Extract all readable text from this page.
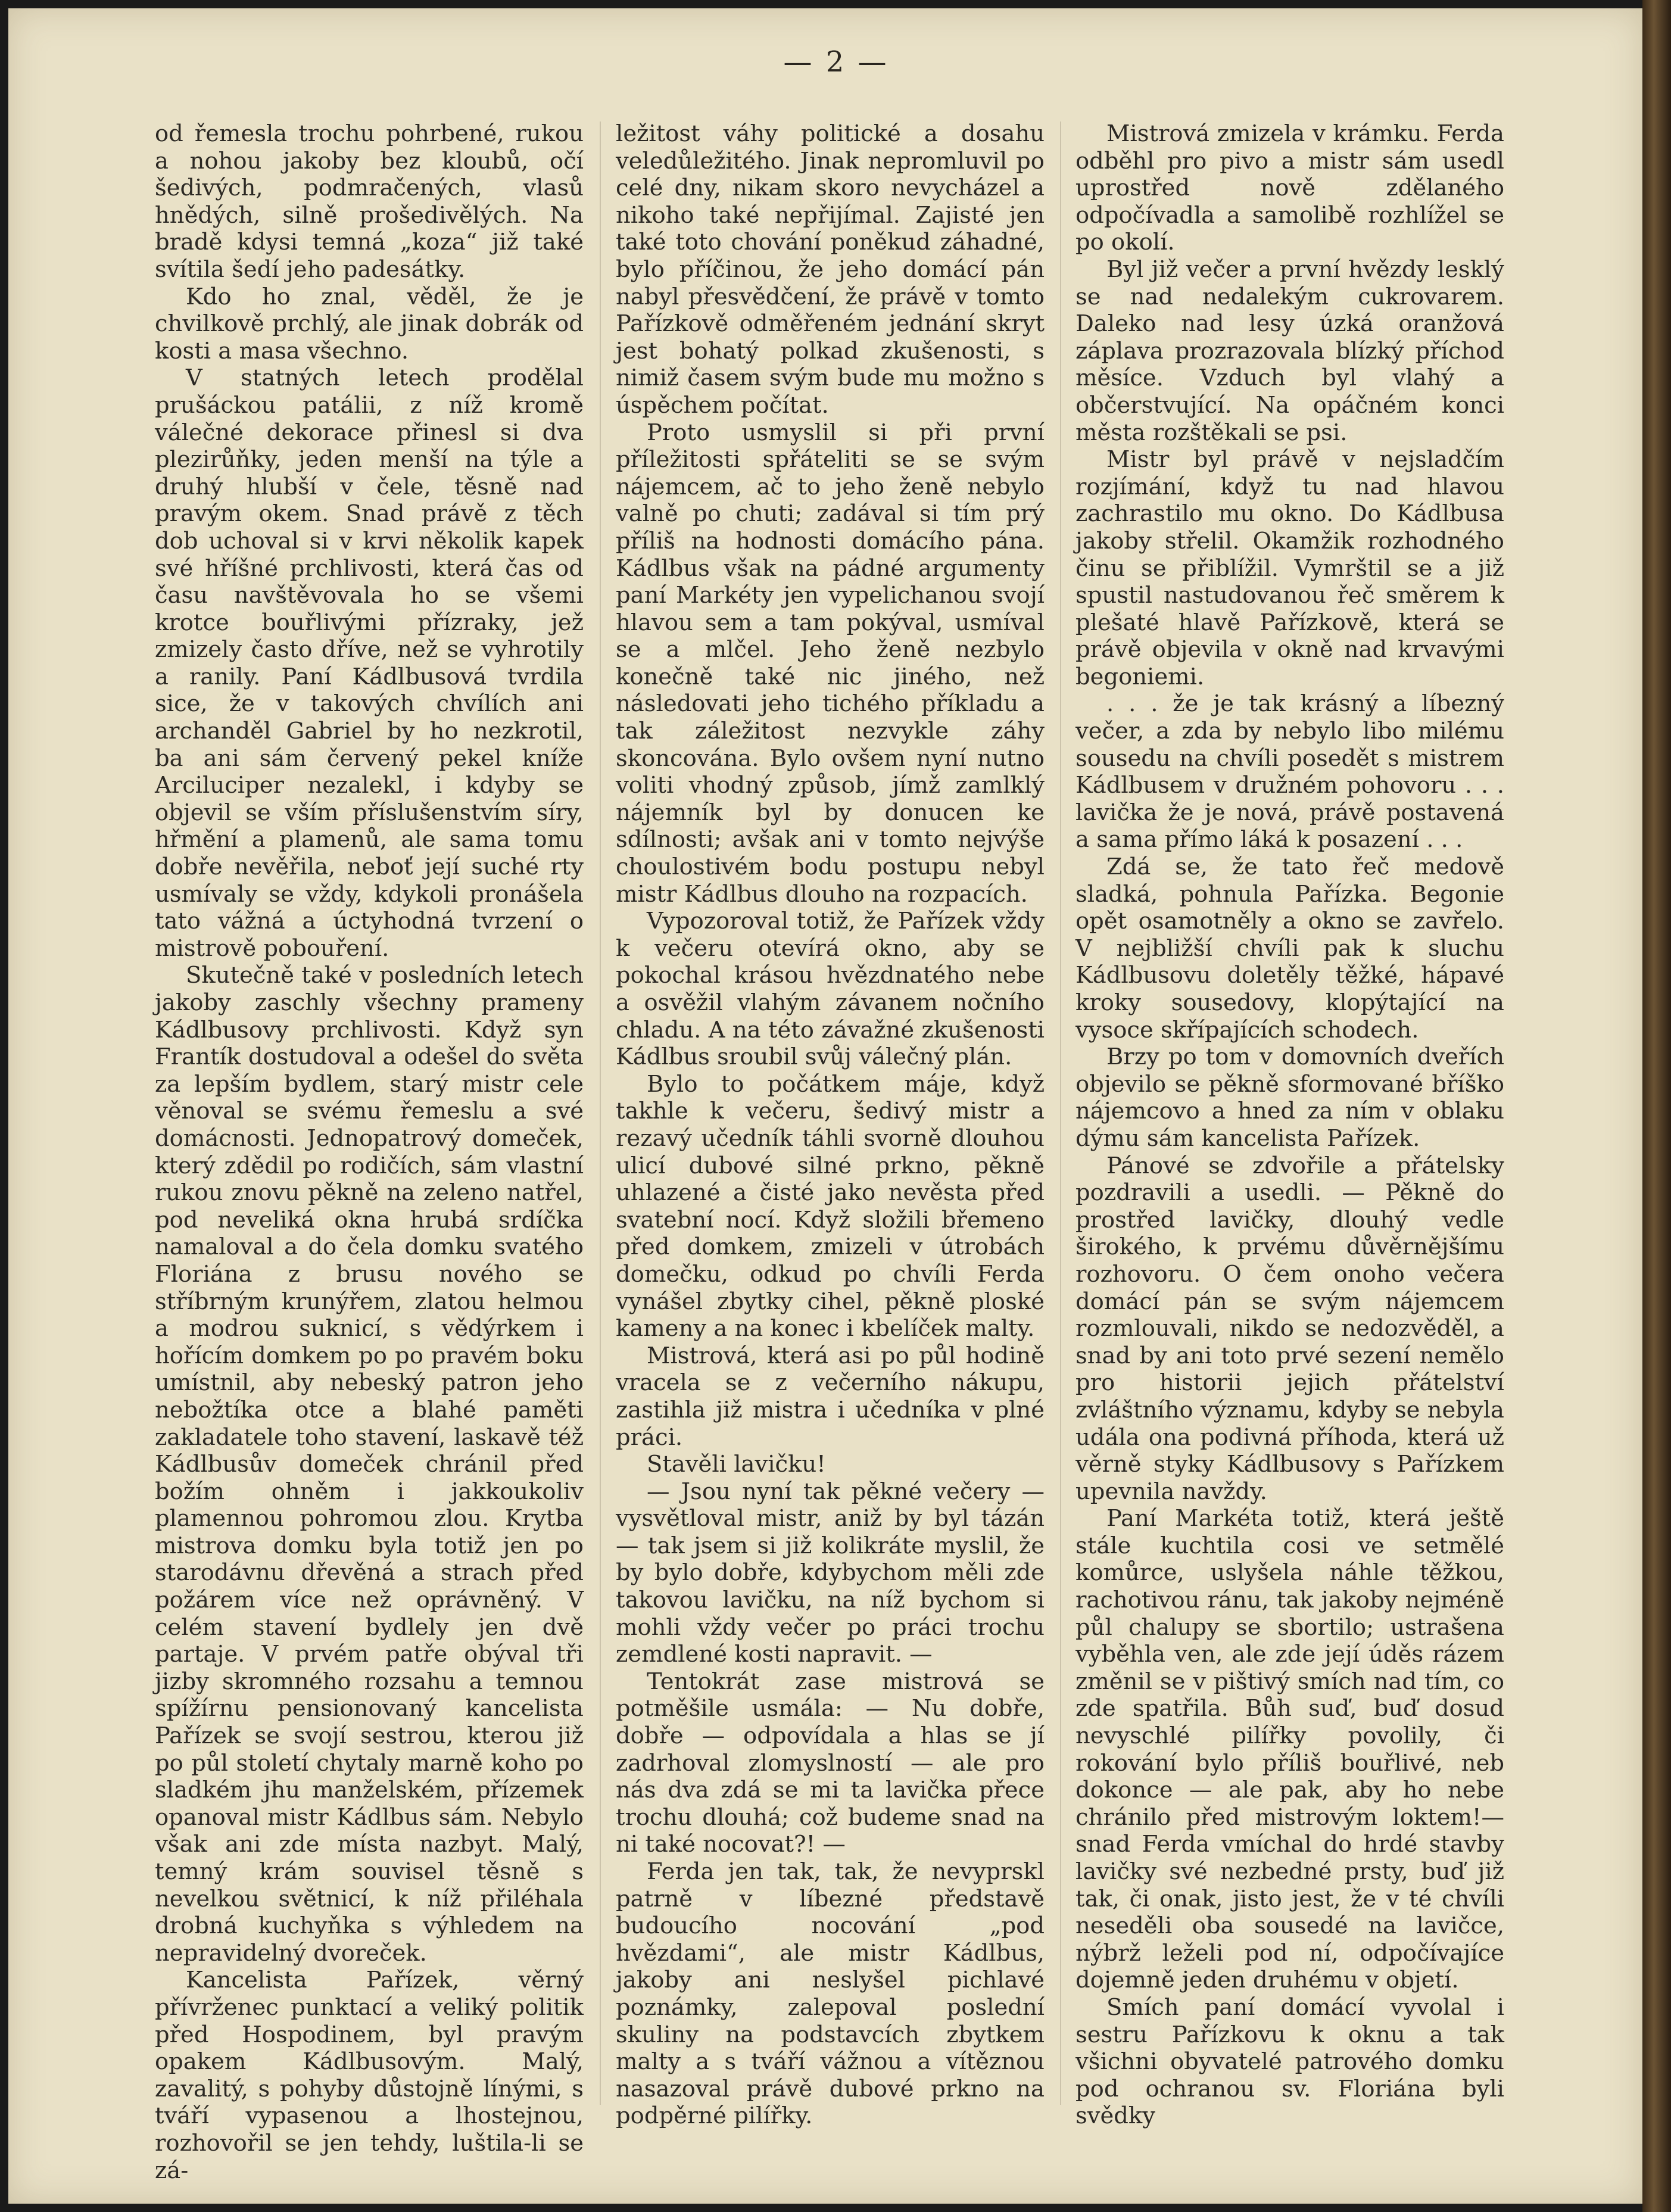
— 2 —

od řemesla trochu pohrbené, rukou a nohou jakoby bez kloubů, očí šedivých, podmračených, vlasů hnědých, silně prošedivělých. Na bradě kdysi temná „koza“ již také svítila šedí jeho padesátky.

Kdo ho znal, věděl, že je chvilkově prchlý, ale jinak dobrák od kosti a masa všechno.

V statných letech prodělal prušáckou patálii, z níž kromě válečné dekorace přinesl si dva plezirůňky, jeden menší na týle a druhý hlubší v čele, těsně nad pravým okem. Snad právě z těch dob uchoval si v krvi několik kapek své hříšné prchlivosti, která čas od času navštěvovala ho se všemi krotce bouřlivými přízraky, jež zmizely často dříve, než se vyhrotily a ranily. Paní Kádlbusová tvrdila sice, že v takových chvílích ani archanděl Gabriel by ho nezkrotil, ba ani sám červený pekel kníže Arciluciper nezalekl, i kdyby se objevil se vším příslušenstvím síry, hřmění a plamenů, ale sama tomu dobře nevěřila, neboť její suché rty usmívaly se vždy, kdykoli pronášela tato vážná a úctyhodná tvrzení o mistrově pobouření.

Skutečně také v posledních letech jakoby zaschly všechny prameny Kádlbusovy prchlivosti. Když syn Frantík dostudoval a odešel do světa za lepším bydlem, starý mistr cele věnoval se svému řemeslu a své domácnosti. Jednopatrový domeček, který zdědil po rodičích, sám vlastní rukou znovu pěkně na zeleno natřel, pod neveliká okna hrubá srdíčka namaloval a do čela domku svatého Floriána z brusu nového se stříbrným krunýřem, zlatou helmou a modrou suknicí, s vědýrkem i hořícím domkem po po pravém boku umístnil, aby nebeský patron jeho nebožtíka otce a blahé paměti zakladatele toho stavení, laskavě též Kádlbusův domeček chránil před božím ohněm i jakkoukoliv plamennou pohromou zlou. Krytba mistrova domku byla totiž jen po starodávnu dřevěná a strach před požárem více než oprávněný. V celém stavení bydlely jen dvě partaje. V prvém patře obýval tři jizby skromného rozsahu a temnou spížírnu pensionovaný kancelista Pařízek se svojí sestrou, kterou již po půl století chytaly marně koho po sladkém jhu manželském, přízemek opanoval mistr Kádlbus sám. Nebylo však ani zde místa nazbyt. Malý, temný krám souvisel těsně s nevelkou světnicí, k níž přiléhala drobná kuchyňka s výhledem na nepravidelný dvoreček.

Kancelista Pařízek, věrný přívrženec punktací a veliký politik před Hospodinem, byl pravým opakem Kádlbusovým. Malý, zavalitý, s pohyby důstojně línými, s tváří vypasenou a lhostejnou, rozhovořil se jen tehdy, luštila-li se zá-

ležitost váhy politické a dosahu veledůležitého. Jinak nepromluvil po celé dny, nikam skoro nevycházel a nikoho také nepřijímal. Zajisté jen také toto chování poněkud záhadné, bylo příčinou, že jeho domácí pán nabyl přesvědčení, že právě v tomto Pařízkově odměřeném jednání skryt jest bohatý polkad zkušenosti, s nimiž časem svým bude mu možno s úspěchem počítat.

Proto usmyslil si při první příležitosti spřáteliti se se svým nájemcem, ač to jeho ženě nebylo valně po chuti; zadával si tím prý příliš na hodnosti domácího pána. Kádlbus však na pádné argumenty paní Markéty jen vypelichanou svojí hlavou sem a tam pokýval, usmíval se a mlčel. Jeho ženě nezbylo konečně také nic jiného, než následovati jeho tichého příkladu a tak záležitost nezvykle záhy skoncována. Bylo ovšem nyní nutno voliti vhodný způsob, jímž zamlklý nájemník byl by donucen ke sdílnosti; avšak ani v tomto nejvýše choulostivém bodu postupu nebyl mistr Kádlbus dlouho na rozpacích.

Vypozoroval totiž, že Pařízek vždy k večeru otevírá okno, aby se pokochal krásou hvězdnatého nebe a osvěžil vlahým závanem nočního chladu. A na této závažné zkušenosti Kádlbus sroubil svůj válečný plán.

Bylo to počátkem máje, když takhle k večeru, šedivý mistr a rezavý učedník táhli svorně dlouhou ulicí dubové silné prkno, pěkně uhlazené a čisté jako nevěsta před svatební nocí. Když složili břemeno před domkem, zmizeli v útrobách domečku, odkud po chvíli Ferda vynášel zbytky cihel, pěkně ploské kameny a na konec i kbelíček malty.

Mistrová, která asi po půl hodině vracela se z večerního nákupu, zastihla již mistra i učedníka v plné práci.

Stavěli lavičku!

— Jsou nyní tak pěkné večery — vysvětloval mistr, aniž by byl tázán — tak jsem si již kolikráte myslil, že by bylo dobře, kdybychom měli zde takovou lavičku, na níž bychom si mohli vždy večer po práci trochu zemdlené kosti napravit. —

Tentokrát zase mistrová se potměšile usmála: — Nu dobře, dobře — odpovídala a hlas se jí zadrhoval zlomyslností — ale pro nás dva zdá se mi ta lavička přece trochu dlouhá; což budeme snad na ni také nocovat?! —

Ferda jen tak, tak, že nevyprskl patrně v líbezné představě budoucího nocování „pod hvězdami“, ale mistr Kádlbus, jakoby ani neslyšel pichlavé poznámky, zalepoval poslední skuliny na podstavcích zbytkem malty a s tváří vážnou a vítěznou nasazoval právě dubové prkno na podpěrné pilířky.

Mistrová zmizela v krámku. Ferda odběhl pro pivo a mistr sám usedl uprostřed nově zdělaného odpočívadla a samolibě rozhlížel se po okolí.

Byl již večer a první hvězdy lesklý se nad nedalekým cukrovarem. Daleko nad lesy úzká oranžová záplava prozrazovala blízký příchod měsíce. Vzduch byl vlahý a občerstvující. Na opáčném konci města rozštěkali se psi.

Mistr byl právě v nejsladčím rozjímání, když tu nad hlavou zachrastilo mu okno. Do Kádlbusa jakoby střelil. Okamžik rozhodného činu se přiblížil. Vymrštil se a již spustil nastudovanou řeč směrem k plešaté hlavě Pařízkově, která se právě objevila v okně nad krvavými begoniemi.

. . . že je tak krásný a líbezný večer, a zda by nebylo libo milému sousedu na chvíli posedět s mistrem Kádlbusem v družném pohovoru . . . lavička že je nová, právě postavená a sama přímo láká k posazení . . .

Zdá se, že tato řeč medově sladká, pohnula Pařízka. Begonie opět osamotněly a okno se zavřelo. V nejbližší chvíli pak k sluchu Kádlbusovu doletěly těžké, hápavé kroky sousedovy, klopýtající na vysoce skřípajících schodech.

Brzy po tom v domovních dveřích objevilo se pěkně sformované bříško nájemcovo a hned za ním v oblaku dýmu sám kancelista Pařízek.

Pánové se zdvořile a přátelsky pozdravili a usedli. — Pěkně do prostřed lavičky, dlouhý vedle širokého, k prvému důvěrnějšímu rozhovoru. O čem onoho večera domácí pán se svým nájemcem rozmlouvali, nikdo se nedozvěděl, a snad by ani toto prvé sezení nemělo pro historii jejich přátelství zvláštního významu, kdyby se nebyla udála ona podivná příhoda, která už věrně styky Kádlbusovy s Pařízkem upevnila navždy.

Paní Markéta totiž, která ještě stále kuchtila cosi ve setmělé komůrce, uslyšela náhle těžkou, rachotivou ránu, tak jakoby nejméně půl chalupy se sbortilo; ustrašena vyběhla ven, ale zde její úděs rázem změnil se v pištivý smích nad tím, co zde spatřila. Bůh suď, buď dosud nevyschlé pilířky povolily, či rokování bylo příliš bouřlivé, neb dokonce — ale pak, aby ho nebe chránilo před mistrovým loktem!— snad Ferda vmíchal do hrdé stavby lavičky své nezbedné prsty, buď již tak, či onak, jisto jest, že v té chvíli neseděli oba sousedé na lavičce, nýbrž leželi pod ní, odpočívajíce dojemně jeden druhému v objetí.

Smích paní domácí vyvolal i sestru Pařízkovu k oknu a tak všichni obyvatelé patrového domku pod ochranou sv. Floriána byli svědky
